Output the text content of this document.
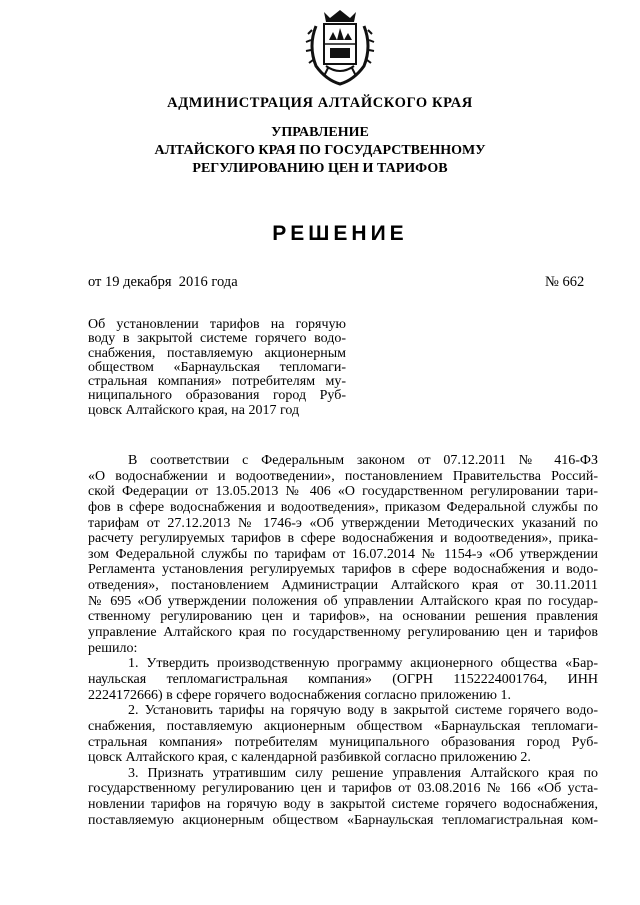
АДМИНИСТРАЦИЯ АЛТАЙСКОГО КРАЯ
УПРАВЛЕНИЕ
АЛТАЙСКОГО КРАЯ ПО ГОСУДАРСТВЕННОМУ
РЕГУЛИРОВАНИЮ ЦЕН И ТАРИФОВ
РЕШЕНИЕ
от 19 декабря  2016 года	№ 662
Об установлении тарифов на горячую
воду в закрытой системе горячего водо-
снабжения, поставляемую акционерным
обществом «Барнаульская тепломаги-
стральная компания» потребителям му-
ниципального образования город Руб-
цовск Алтайского края, на 2017 год
В соответствии с Федеральным законом от 07.12.2011 № 416-ФЗ
«О водоснабжении и водоотведении», постановлением Правительства Россий-
ской Федерации от 13.05.2013 № 406 «О государственном регулировании тари-
фов в сфере водоснабжения и водоотведения», приказом Федеральной службы по
тарифам от 27.12.2013 № 1746-э «Об утверждении Методических указаний по
расчету регулируемых тарифов в сфере водоснабжения и водоотведения», прика-
зом Федеральной службы по тарифам от 16.07.2014 № 1154-э «Об утверждении
Регламента установления регулируемых тарифов в сфере водоснабжения и водо-
отведения», постановлением Администрации Алтайского края от 30.11.2011
№ 695 «Об утверждении положения об управлении Алтайского края по государ-
ственному регулированию цен и тарифов», на основании решения правления
управление Алтайского края по государственному регулированию цен и тарифов
решило:
1. Утвердить производственную программу акционерного общества «Бар-
наульская тепломагистральная компания» (ОГРН 1152224001764, ИНН
2224172666) в сфере горячего водоснабжения согласно приложению 1.
2. Установить тарифы на горячую воду в закрытой системе горячего водо-
снабжения, поставляемую акционерным обществом «Барнаульская тепломаги-
стральная компания» потребителям муниципального образования город Руб-
цовск Алтайского края, с календарной разбивкой согласно приложению 2.
3. Признать утратившим силу решение управления Алтайского края по
государственному регулированию цен и тарифов от 03.08.2016 № 166 «Об уста-
новлении тарифов на горячую воду в закрытой системе горячего водоснабжения,
поставляемую акционерным обществом «Барнаульская тепломагистральная ком-
